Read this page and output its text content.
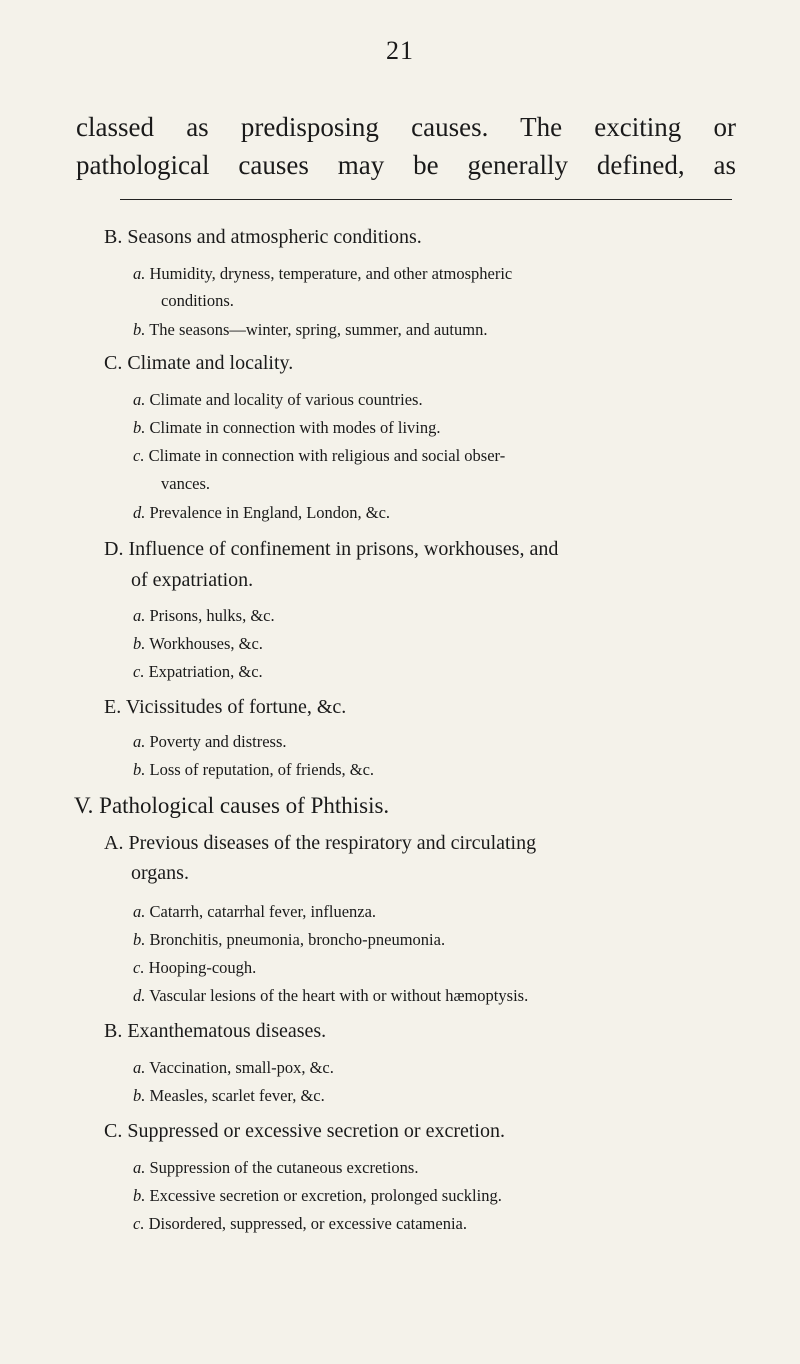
21
classed as predisposing causes. The exciting or
pathological causes may be generally defined, as
B. Seasons and atmospheric conditions.
a. Humidity, dryness, temperature, and other atmospheric
conditions.
b. The seasons—winter, spring, summer, and autumn.
C. Climate and locality.
a. Climate and locality of various countries.
b. Climate in connection with modes of living.
c. Climate in connection with religious and social obser-
vances.
d. Prevalence in England, London, &c.
D. Influence of confinement in prisons, workhouses, and
of expatriation.
a. Prisons, hulks, &c.
b. Workhouses, &c.
c. Expatriation, &c.
E. Vicissitudes of fortune, &c.
a. Poverty and distress.
b. Loss of reputation, of friends, &c.
V. Pathological causes of Phthisis.
A. Previous diseases of the respiratory and circulating
organs.
a. Catarrh, catarrhal fever, influenza.
b. Bronchitis, pneumonia, broncho-pneumonia.
c. Hooping-cough.
d. Vascular lesions of the heart with or without hæmoptysis.
B. Exanthematous diseases.
a. Vaccination, small-pox, &c.
b. Measles, scarlet fever, &c.
C. Suppressed or excessive secretion or excretion.
a. Suppression of the cutaneous excretions.
b. Excessive secretion or excretion, prolonged suckling.
c. Disordered, suppressed, or excessive catamenia.
